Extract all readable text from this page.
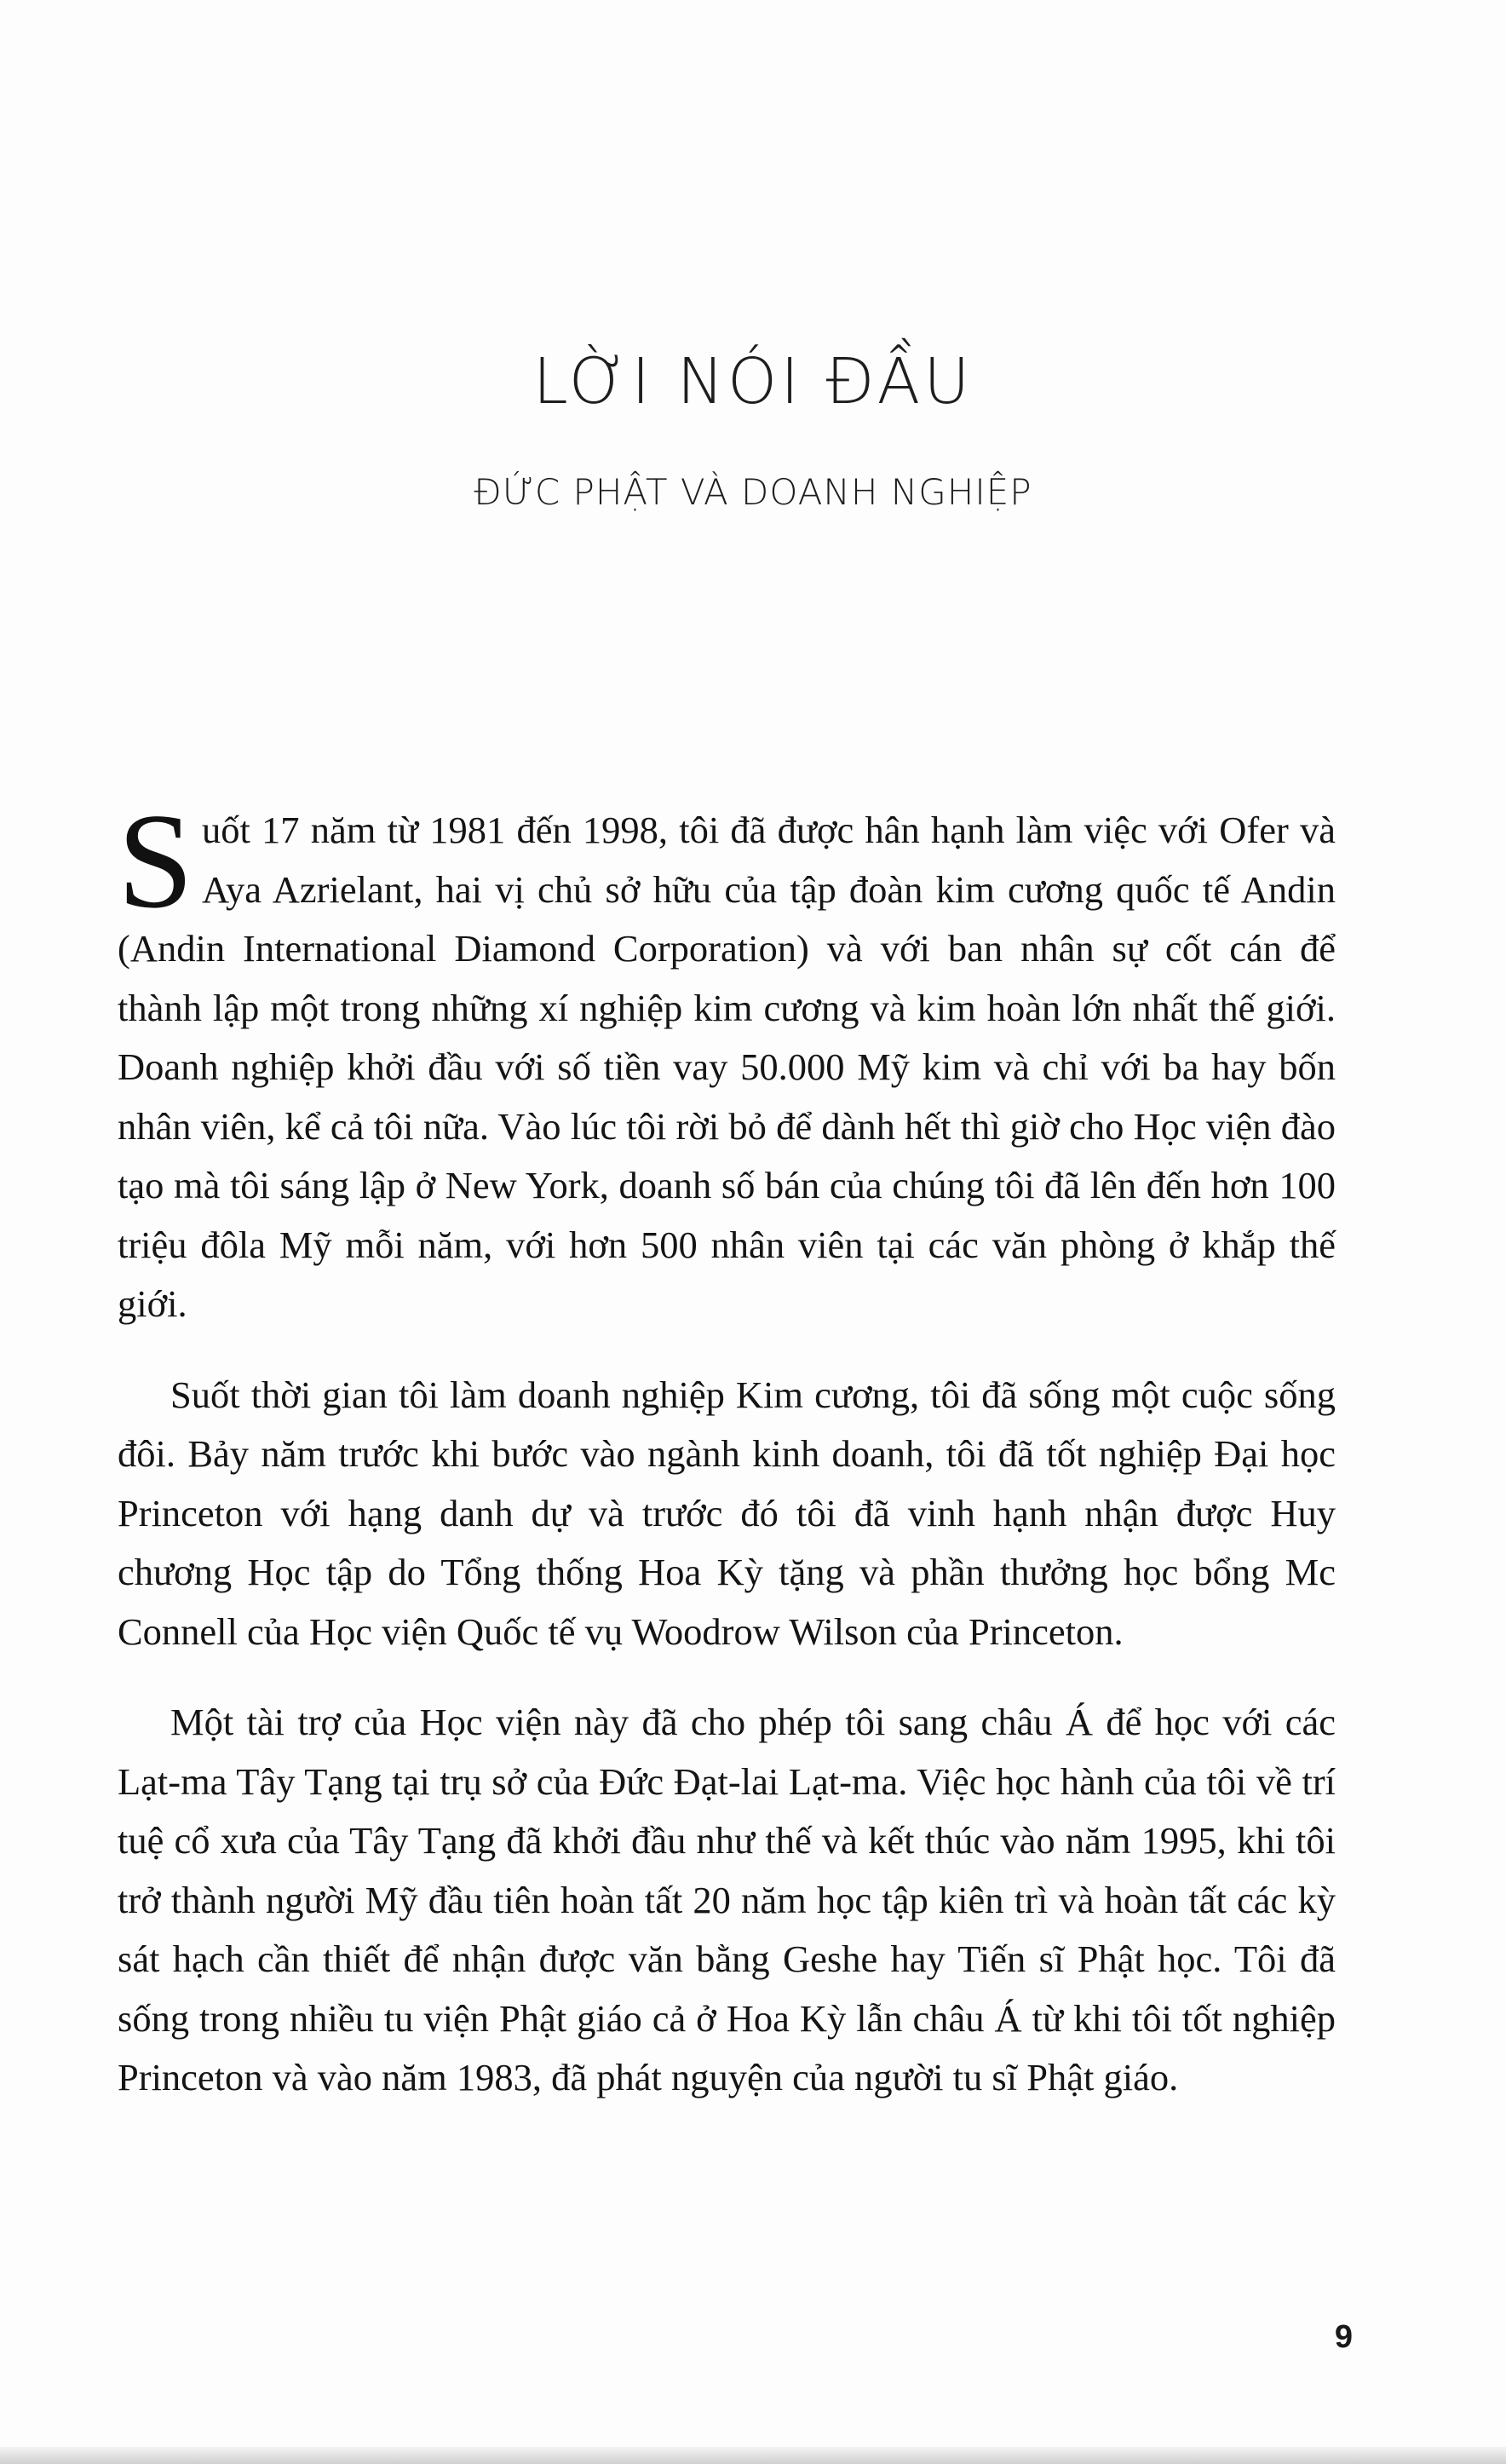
LỜI NÓI ĐẦU
ĐỨC PHẬT VÀ DOANH NGHIỆP

Suốt 17 năm từ 1981 đến 1998, tôi đã được hân hạnh làm việc với Ofer và Aya Azrielant, hai vị chủ sở hữu của tập đoàn kim cương quốc tế Andin (Andin International Diamond Corporation) và với ban nhân sự cốt cán để thành lập một trong những xí nghiệp kim cương và kim hoàn lớn nhất thế giới. Doanh nghiệp khởi đầu với số tiền vay 50.000 Mỹ kim và chỉ với ba hay bốn nhân viên, kể cả tôi nữa. Vào lúc tôi rời bỏ để dành hết thì giờ cho Học viện đào tạo mà tôi sáng lập ở New York, doanh số bán của chúng tôi đã lên đến hơn 100 triệu đôla Mỹ mỗi năm, với hơn 500 nhân viên tại các văn phòng ở khắp thế giới.

Suốt thời gian tôi làm doanh nghiệp Kim cương, tôi đã sống một cuộc sống đôi. Bảy năm trước khi bước vào ngành kinh doanh, tôi đã tốt nghiệp Đại học Princeton với hạng danh dự và trước đó tôi đã vinh hạnh nhận được Huy chương Học tập do Tổng thống Hoa Kỳ tặng và phần thưởng học bổng Mc Connell của Học viện Quốc tế vụ Woodrow Wilson của Princeton.

Một tài trợ của Học viện này đã cho phép tôi sang châu Á để học với các Lạt-ma Tây Tạng tại trụ sở của Đức Đạt-lai Lạt-ma. Việc học hành của tôi về trí tuệ cổ xưa của Tây Tạng đã khởi đầu như thế và kết thúc vào năm 1995, khi tôi trở thành người Mỹ đầu tiên hoàn tất 20 năm học tập kiên trì và hoàn tất các kỳ sát hạch cần thiết để nhận được văn bằng Geshe hay Tiến sĩ Phật học. Tôi đã sống trong nhiều tu viện Phật giáo cả ở Hoa Kỳ lẫn châu Á từ khi tôi tốt nghiệp Princeton và vào năm 1983, đã phát nguyện của người tu sĩ Phật giáo.

9
